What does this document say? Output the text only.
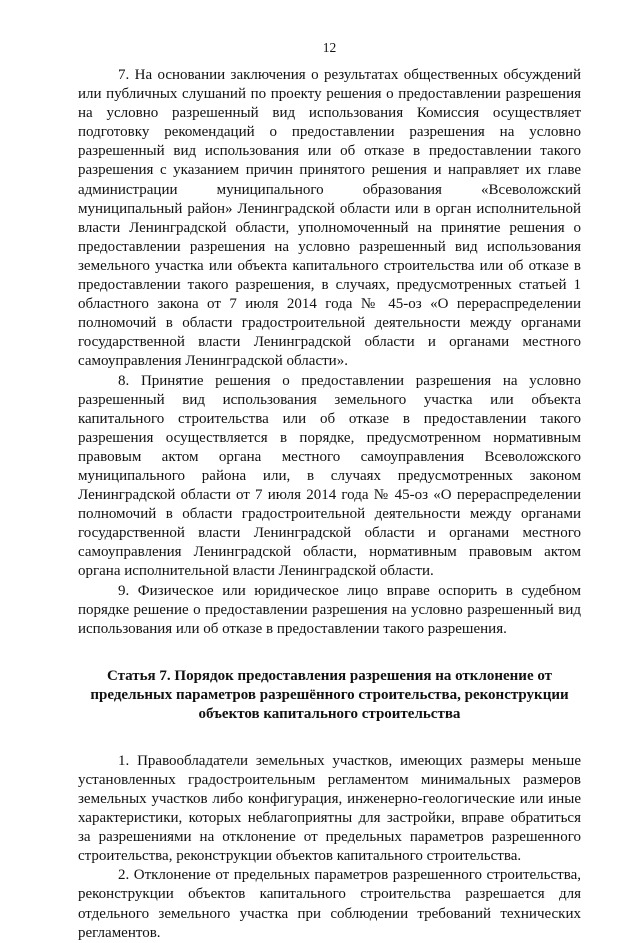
12

7. На основании заключения о результатах общественных обсуждений или публичных слушаний по проекту решения о предоставлении разрешения на условно разрешенный вид использования Комиссия осуществляет подготовку рекомендаций о предоставлении разрешения на условно разрешенный вид использования или об отказе в предоставлении такого разрешения с указанием причин принятого решения и направляет их главе администрации муниципального образования «Всеволожский муниципальный район» Ленинградской области или в орган исполнительной власти Ленинградской области, уполномоченный на принятие решения о предоставлении разрешения на условно разрешенный вид использования земельного участка или объекта капитального строительства или об отказе в предоставлении такого разрешения, в случаях, предусмотренных статьей 1 областного закона от 7 июля 2014 года № 45-оз «О перераспределении полномочий в области градостроительной деятельности между органами государственной власти Ленинградской области и органами местного самоуправления Ленинградской области».

8. Принятие решения о предоставлении разрешения на условно разрешенный вид использования земельного участка или объекта капитального строительства или об отказе в предоставлении такого разрешения осуществляется в порядке, предусмотренном нормативным правовым актом органа местного самоуправления Всеволожского муниципального района или, в случаях предусмотренных законом Ленинградской области от 7 июля 2014 года № 45-оз «О перераспределении полномочий в области градостроительной деятельности между органами государственной власти Ленинградской области и органами местного самоуправления Ленинградской области, нормативным правовым актом органа исполнительной власти Ленинградской области.

9. Физическое или юридическое лицо вправе оспорить в судебном порядке решение о предоставлении разрешения на условно разрешенный вид использования или об отказе в предоставлении такого разрешения.

Статья 7. Порядок предоставления разрешения на отклонение от предельных параметров разрешённого строительства, реконструкции объектов капитального строительства

1. Правообладатели земельных участков, имеющих размеры меньше установленных градостроительным регламентом минимальных размеров земельных участков либо конфигурация, инженерно-геологические или иные характеристики, которых неблагоприятны для застройки, вправе обратиться за разрешениями на отклонение от предельных параметров разрешенного строительства, реконструкции объектов капитального строительства.

2. Отклонение от предельных параметров разрешенного строительства, реконструкции объектов капитального строительства разрешается для отдельного земельного участка при соблюдении требований технических регламентов.
